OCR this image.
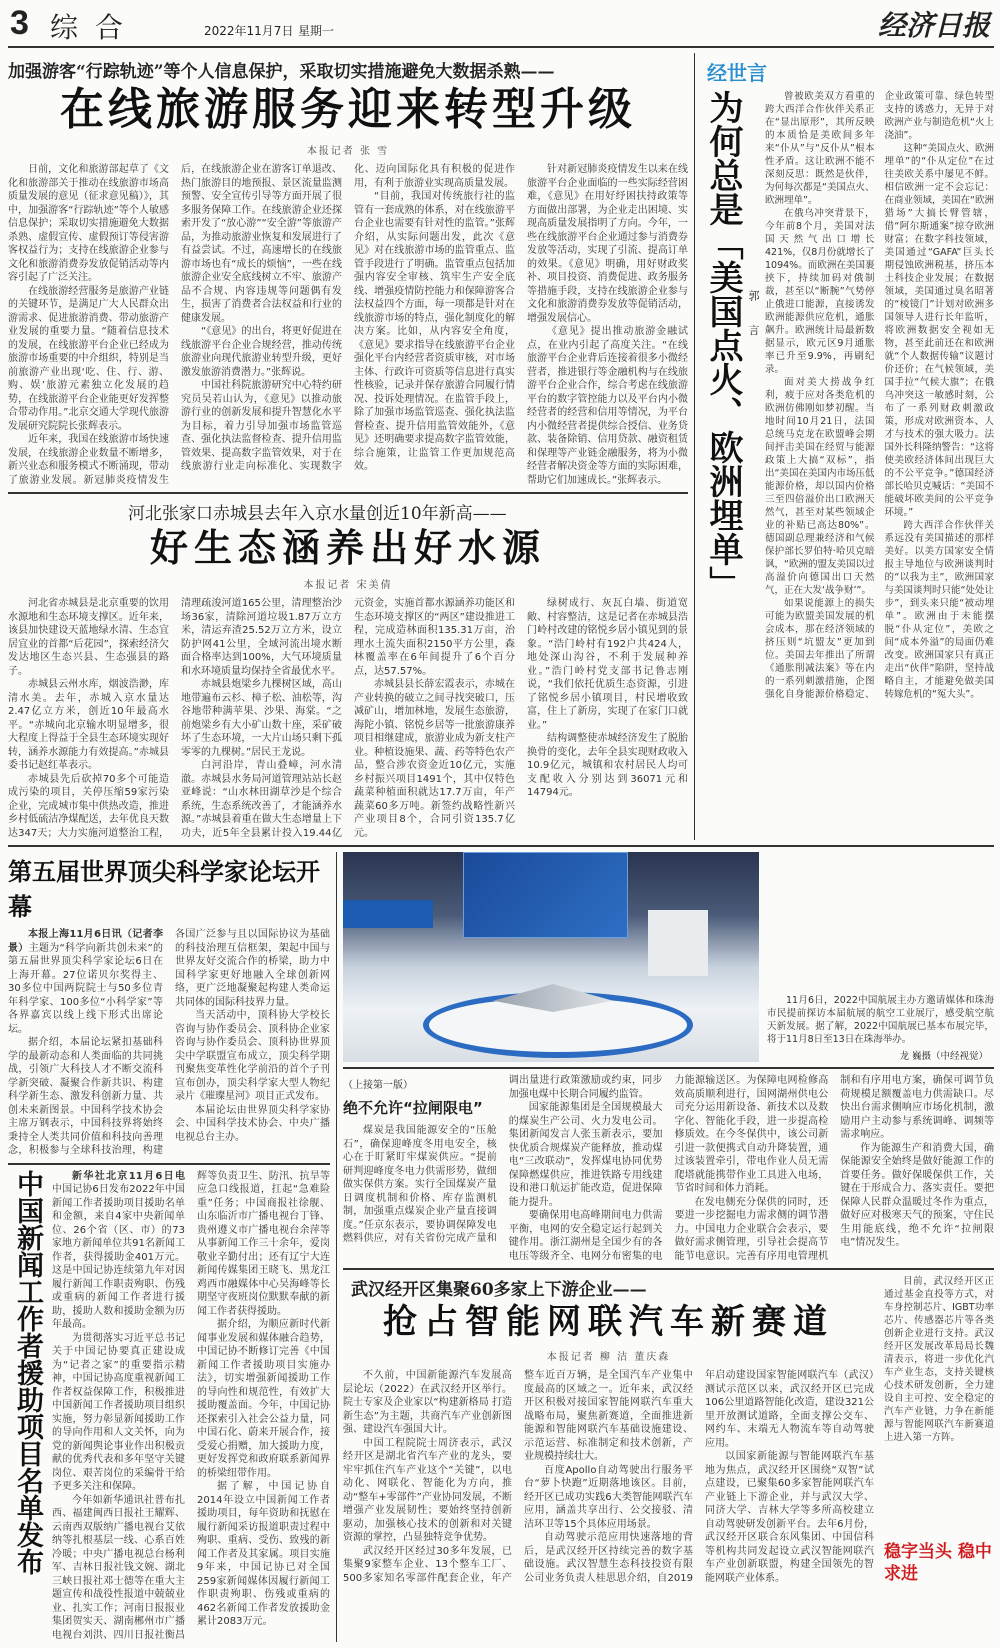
3 综 合	2022年11月7日 星期一	经济日报
加强游客“行踪轨迹”等个人信息保护，采取切实措施避免大数据杀熟——
在线旅游服务迎来转型升级
本报记者 张 雪

日前，文化和旅游部起草了《文化和旅游部关于推动在线旅游市场高质量发展的意见（征求意见稿）》，其中，加强游客“行踪轨迹”等个人敏感信息保护；采取切实措施避免大数据杀熟、虚假宣传、虚假预订等侵害游客权益行为；支持在线旅游企业参与文化和旅游消费券发放促销活动等内容引起了广泛关注。

在线旅游经营服务是旅游产业链的关键环节，是满足广大人民群众出游需求、促进旅游消费、带动旅游产业发展的重要力量。“随着信息技术的发展，在线旅游平台企业已经成为旅游市场重要的中介组织，特别是当前旅游产业出现‘吃、住、行、游、购、娱’旅游元素独立化发展的趋势，在线旅游平台企业能更好发挥整合带动作用。”北京交通大学现代旅游发展研究院院长张辉表示。

近年来，我国在线旅游市场快速发展，在线旅游企业数量不断增多，新兴业态和服务模式不断涌现，带动了旅游业发展。新冠肺炎疫情发生后，在线旅游企业在游客订单退改、热门旅游目的地预报、景区流量监测预警、安全宣传引导等方面开展了很多服务保障工作。在线旅游企业还探索开发了“放心游”“安全游”等旅游产品，为推动旅游业恢复和发展进行了有益尝试。不过，高速增长的在线旅游市场也有“成长的烦恼”，一些在线旅游企业安全底线树立不牢、旅游产品不合规、内容违规等问题偶有发生，损害了消费者合法权益和行业的健康发展。

“《意见》的出台，将更好促进在线旅游平台企业合规经营，推动传统旅游业向现代旅游业转型升级，更好激发旅游消费潜力。”张辉说。

中国社科院旅游研究中心特约研究员吴若山认为，《意见》以推动旅游行业的创新发展和提升智慧化水平为目标，着力引导加强市场监管巡查、强化执法监督检查、提升信用监管效果、提高数字监管效果，对于在线旅游行业走向标准化、实现数字化、迈向国际化具有积极的促进作用，有利于旅游业实现高质量发展。

“目前，我国对传统旅行社的监管有一套成熟的体系，对在线旅游平台企业也需要有针对性的监管。”张辉介绍，从实际问题出发，此次《意见》对在线旅游市场的监管重点、监管手段进行了明确。监管重点包括加强内容安全审核、筑牢生产安全底线、增强疫情防控能力和保障游客合法权益四个方面，每一项都是针对在线旅游市场的特点，强化制度化的解决方案。比如，从内容安全角度，《意见》要求指导在线旅游平台企业强化平台内经营者资质审核，对市场主体、行政许可资质等信息进行真实性核验，记录并保存旅游合同履行情况、投诉处理情况。在监管手段上，除了加强市场监管巡查、强化执法监督检查、提升信用监管效能外，《意见》还明确要求提高数字监管效能，综合施策，让监管工作更加规范高效。

针对新冠肺炎疫情发生以来在线旅游平台企业面临的一些实际经营困难，《意见》在用好纾困扶持政策等方面做出部署，为企业走出困境、实现高质量发展指明了方向。今年，一些在线旅游平台企业通过参与消费券发放等活动，实现了引流、提高订单的效果。《意见》明确，用好财政奖补、项目投资、消费促进、政务服务等措施手段，支持在线旅游企业参与文化和旅游消费券发放等促销活动，增强发展信心。

《意见》提出推动旅游金融试点，在业内引起了高度关注。“在线旅游平台企业背后连接着很多小微经营者，推进银行等金融机构与在线旅游平台企业合作，综合考虑在线旅游平台的数字管控能力以及平台内小微经营者的经营和信用等情况，为平台内小微经营者提供综合授信、业务贷款、装备除销、信用贷款、融资租赁和保理等产业链金融服务，将为小微经营者解决资金等方面的实际困难，帮助它们加速成长。”张辉表示。

河北张家口赤城县去年入京水量创近10年新高——
好生态涵养出好水源
本报记者 宋美倩

河北省赤城县是北京重要的饮用水源地和生态环境支撑区。近年来，该县加快建设天蓝地绿水清、生态宜居宜业的首都“后花园”，探索经济欠发达地区生态兴县、生态强县的路子。

赤城县云州水库，烟波浩渺，库清水美。去年，赤城入京水量达2.47亿立方米，创近10年最高水平。“赤城向北京输水明显增多，很大程度上得益于全县生态环境实现好转，涵养水源能力有效提高。”赤城县委书记赵红革表示。

赤城县先后砍掉70多个可能造成污染的项目，关停压缩59家污染企业，完成城市集中供热改造，推进乡村低硫洁净煤配送，去年优良天数达347天；大力实施河道整治工程，清理疏浚河道165公里，清理整治沙场36家，清除河道垃圾1.87万立方米，清运弃渣25.52万立方米，设立防护网41公里，全域河流出境水断面合格率达到100%，大气环境质量和水环境质量均保持全省最优水平。

赤城县炮梁乡九棵树区域，高山地带遍布云杉、樟子松、油松等，沟谷地带种满苹果、沙果、海棠。“之前炮梁乡有大小矿山数十座，采矿破坏了生态环境，一大片山场只剩下孤零零的九棵树。”居民王龙说。

白河沿岸，青山叠嶂，河水清澈。赤城县水务局河道管理站站长赵亚峰说：“山水林田湖草沙是个综合系统，生态系统改善了，才能涵养水源。”赤城县着重在做大生态增量上下功夫，近5年全县累计投入19.44亿元资金，实施首都水源涵养功能区和生态环境支撑区的“两区”建设推进工程，完成造林面积135.31万亩，治理水土流失面积2150平方公里，森林覆盖率在6年间提升了6个百分点，达57.57%。

赤城县县长薛宏霞表示，赤城在产业转换的破立之间寻找突破口，压减矿山，增加林地，发展生态旅游，海陀小镇、铭悦乡居等一批旅游康养项目相继建成，旅游业成为新支柱产业。种植设施果、蔬、药等特色农产品，整合涉农资金近10亿元，实施乡村振兴项目1491个，其中仅特色蔬菜种植面积就达17.7万亩，年产蔬菜60多万吨。新签约战略性新兴产业项目8个，合同引资135.7亿元。

绿树成行、灰瓦白墙、街道宽敞、村容整洁，这是记者在赤城县浩门岭村改建的铭悦乡居小镇见到的景象。“浩门岭村有192户共424人，地处深山沟谷，不利于发展种养业。”浩门岭村党支部书记鲁志刚说，“我们依托优质生态资源，引进了铭悦乡居小镇项目，村民增收致富，住上了新房，实现了在家门口就业。”

结构调整使赤城经济发生了脱胎换骨的变化，去年全县实现财政收入10.9亿元，城镇和农村居民人均可支配收入分别达到36071元和14794元。

经世言
为何总是「美国点火、欧洲埋单」 郭 言

曾被欧美双方看重的跨大西洋合作伙伴关系正在“显出原形”，其所反映的本质恰是美欧间多年来“仆从”与“反仆从”根本性矛盾。这让欧洲不能不深刻反思：既然是伙伴，为何每次都是“美国点火、欧洲埋单”。

在俄乌冲突背景下，今年前8个月，美国对法国天然气出口增长421%，仅8月份就增长了1094%。而欧洲在美国裹挟下，持续加码对俄制裁，甚至以“断腕”气势停止俄进口能源，直接诱发欧洲能源供应危机，通胀飙升。欧洲统计局最新数据显示，欧元区9月通胀率已升至9.9%，再刷纪录。

面对美大捞战争红利，疲于应对各类危机的欧洲仿佛刚如梦初醒。当地时间10月21日，法国总统马克龙在欧盟峰会期间抨击美国在经贸与能源政策上大搞“双标”，指出“美国在美国内市场压低能源价格，却以国内价格三至四倍溢价出口欧洲天然气，甚至对某些领域企业的补贴已高达80%”。德国副总理兼经济和气候保护部长罗伯特·哈贝克暗讽，“欧洲的盟友美国以过高溢价向德国出口天然气，正在大发‘战争财’”。

如果说能源上的损失可能为欧盟美国发展的机会成本，那在经济领域的挤压则“坑盟友”更加到位。美国去年推出了所谓《通胀削减法案》等在内的一系列刺激措施，企图强化自身能源价格稳定、企业政策可靠、绿色转型支持的诱惑力，无异于对欧洲产业与制造危机“火上浇油”。

这种“美国点火、欧洲埋单”的“仆从定位”在过往美欧关系中屡见不鲜。相信欧洲一定不会忘记：在商业领域，美国在“欧洲猎场”大搞长臂管辖，借“阿尔斯通案”掠夺欧洲财富；在数字科技领域，美国通过“GAFA”巨头长期侵蚀欧洲税基，挤压本土科技企业发展；在数据领域，美国通过臭名昭著的“棱镜门”计划对欧洲多国领导人进行长年监听，将欧洲数据安全视如无物，甚至此前还在和欧洲就“个人数据传输”议题讨价还价；在气候领域，美国手拉“气候大旗”；在俄乌冲突这一敏感时刻，公布了一系列财政刺激政策，形成对欧洲资本、人才与技术的强大吸力。法国外长科隆纳警告：“这将使美欧经济体间出现巨大的不公平竞争。”德国经济部长哈贝克喊话：“美国不能破坏欧美间的公平竞争环境。”

跨大西洋合作伙伴关系远没有美国描述的那样美好。以美方国家安全情报主导地位与欧洲谈判时的“以我为主”，欧洲国家与美国谈判时只能“处处让步”，到头来只能“被动埋单”。欧洲由于未能摆脱“仆从定位”，美欧之间“成本外溢”的局面仍难改变。欧洲国家只有真正走出“伙伴”陷阱，坚持战略自主，才能避免做美国转嫁危机的“冤大头”。

第五届世界顶尖科学家论坛开幕

本报上海11月6日讯（记者李景）主题为“科学向新共创未来”的第五届世界顶尖科学家论坛6日在上海开幕。27位诺贝尔奖得主、30多位中国两院院士与50多位青年科学家、100多位“小科学家”等各界嘉宾以线上线下形式出席论坛。

据介绍，本届论坛紧扣基础科学的最新动态和人类面临的共同挑战，引领广大科技人才不断交流科学新突破、凝聚合作新共识、构建科学新生态、激发科创新力量、共创未来新图景。中国科学技术协会主席万钢表示，中国科技界将始终秉持全人类共同价值和科技向善理念，积极参与全球科技治理，构建各国广泛参与且以国际协议为基础的科技治理互信框架，架起中国与世界友好交流合作的桥梁，助力中国科学家更好地融入全球创新网络，更广泛地凝聚起构建人类命运共同体的国际科技界力量。

当天活动中，顶科协大学校长咨询与协作委员会、顶科协企业家咨询与协作委员会、顶科协世界顶尖中学联盟宣布成立，顶尖科学期刊聚焦变革性化学前沿的首个子刊宣布创办，顶尖科学家大型人物纪录片《璀璨星河》项目正式发布。

本届论坛由世界顶尖科学家协会、中国科学技术协会、中央广播电视总台主办。

中国新闻工作者援助项目名单发布	新华社北京11月6日电 中国记协6日发布2022年中国新闻工作者援助项目援助名单和金额，来自4家中央新闻单位、26个省（区、市）的73家地方新闻单位共91名新闻工作者，获得援助金401万元。这是中国记协连续第九年对因履行新闻工作职责殉职、伤残或重病的新闻工作者进行援助，援助人数和援助金额为历年最高。

为贯彻落实习近平总书记关于中国记协要真正建设成为“记者之家”的重要指示精神，中国记协高度重视新闻工作者权益保障工作，积极推进中国新闻工作者援助项目组织实施，努力彰显新闻援助工作的导向作用和人文关怀，向为党的新闻舆论事业作出积极贡献的优秀代表和多年坚守关键岗位、艰苦岗位的采编骨干给予更多关注和保障。

今年如新华通讯社普布扎西、福建闽西日报社王耀辉、云南西双版纳广播电视台艾依纳等扎根基层一线、心系百姓冷暖；中央广播电视总台杨利军、吉林日报社钱文婉、湖北三峡日报社邓士德等在重大主题宣传和战役性报道中兢兢业业、扎实工作；河南日报报业集团贺实天、湖南郴州市广播电视台刘洪、四川日报社衡昌辉等负责卫生、防汛、抗旱等应急口线报道，扛起“急难险重”任务；中国商报社徐舰、山东临沂市广播电视台丁锋、贵州遵义市广播电视台余萍等从事新闻工作三十余年，爱岗敬业辛勤付出；还有辽宁大连新闻传媒集团王晓飞、黑龙江鸡西市融媒体中心吴海峰等长期坚守夜班岗位默默奉献的新闻工作者获得援助。

据介绍，为顺应新时代新闻事业发展和媒体融合趋势，中国记协不断修订完善《中国新闻工作者援助项目实施办法》，切实增强新闻援助工作的导向性和规范性，有效扩大援助覆盖面。今年，中国记协还探索引入社会公益力量，同中国石化、蔚来开展合作，接受爱心捐赠，加大援助力度，更好发挥党和政府联系新闻界的桥梁纽带作用。

据了解，中国记协自2014年设立中国新闻工作者援助项目，每年资助和抚慰在履行新闻采访报道职责过程中殉职、重病、受伤、致残的新闻工作者及其家属。项目实施9年来，中国记协已对全国259家新闻媒体因履行新闻工作职责殉职、伤残或重病的462名新闻工作者发放援助金累计2083万元。

11月6日，2022中国航展主办方邀请媒体和珠海市民提前探访本届航展的航空工业展厅，感受航空航天新发展。据了解，2022中国航展已基本布展完毕，将于11月8日至13日在珠海举办。

龙 巍摄（中经视觉）
（上接第一版）
绝不允许“拉闸限电”

煤炭是我国能源安全的“压舱石”，确保迎峰度冬用电安全，核心在于盯紧盯牢煤炭供应。“提前研判迎峰度冬电力供需形势，做细做实保供方案。实行全国煤炭产量日调度机制和价格、库存监测机制，加强重点煤炭企业产量直接调度。”任京东表示，要协调保障发电燃料供应，对有关省份完成产量和调出量进行政策激励或约束，同步加强电煤中长期合同履约监管。

国家能源集团是全国规模最大的煤炭生产公司、火力发电公司。集团新闻发言人张玉新表示，要加快优质合规煤炭产能释放，推动煤电“三改联动”，发挥煤电协同优势保障燃煤供应，推进铁路专用线建设和港口航运扩能改造，促进保障能力提升。

要确保用电高峰期间电力供需平衡，电网的安全稳定运行起到关键作用。浙江湖州是全国少有的各电压等级齐全、电网分布密集的电力能源输送区。为保障电网检修高效高质顺利进行，国网湖州供电公司充分运用新设备、新技术以及数字化、智能化手段，进一步提高检修质效。在今冬保供中，该公司新引进一款便携式自动升降装置，通过该装置牵引，带电作业人员无需爬塔就能携带作业工具进入电场，节省时间和体力消耗。

在发电侧充分保供的同时，还要进一步挖掘电力需求侧的调节潜力。中国电力企业联合会表示，要做好需求侧管理，引导社会提高节能节电意识。完善有序用电管理机制和有序用电方案，确保可调节负荷规模足额覆盖电力供需缺口。尽快出台需求侧响应市场化机制，激励用户主动参与系统调峰、调频等需求响应。

作为能源生产和消费大国，确保能源安全始终是做好能源工作的首要任务。做好保暖保供工作，关键在于形成合力、落实责任。要把保障人民群众温暖过冬作为重点，做好应对极寒天气的预案，守住民生用能底线，绝不允许“拉闸限电”情况发生。

武汉经开区集聚60多家上下游企业——
抢占智能网联汽车新赛道
本报记者 柳 洁 董庆森

不久前，中国新能源汽车发展高层论坛（2022）在武汉经开区举行。院士专家及企业家以“构建新格局 打造新生态”为主题，共商汽车产业创新图强、建设汽车强国大计。

中国工程院院士周济表示，武汉经开区是湖北省汽车产业的龙头，要牢牢抓住汽车产业这个“关键”，以电动化、网联化、智能化为方向，推动“整车+零部件”产业协同发展，不断增强产业发展韧性；要始终坚持创新驱动，加强核心技术的创新和对关键资源的掌控，凸显独特竞争优势。

武汉经开区经过30多年发展，已集聚9家整车企业、13个整车工厂、500多家知名零部件配套企业，年产整车近百万辆，是全国汽车产业集中度最高的区域之一。近年来，武汉经开区积极对接国家智能网联汽车重大战略布局，聚焦新赛道，全面推进新能源和智能网联汽车基础设施建设、示范运营、标准制定和技术创新，产业规模持续壮大。

百度Apollo自动驾驶出行服务平台“萝卜快跑”近期落地该区。目前，经开区已成功实践6大类智能网联汽车应用，涵盖共享出行、公交接驳、清洁环卫等15个具体应用场景。

自动驾驶示范应用快速落地的背后，是武汉经开区持续完善的数字基础设施。武汉智慧生态科技投资有限公司业务负责人桂思思介绍，自2019年启动建设国家智能网联汽车（武汉）测试示范区以来，武汉经开区已完成106公里道路智能化改造，建设321公里开放测试道路，全面支撑公交车、网约车、末端无人物流车等自动驾驶应用。

以国家新能源与智能网联汽车基地为焦点，武汉经开区围绕“双智”试点建设，已聚集60多家智能网联汽车产业链上下游企业，并与武汉大学、同济大学、吉林大学等多所高校建立自动驾驶研发创新平台。去年6月份，武汉经开区联合东风集团、中国信科等机构共同发起设立武汉智能网联汽车产业创新联盟，构建全国领先的智能网联产业体系。

目前，武汉经开区正通过基金直投等方式，对车身控制芯片、IGBT功率芯片、传感器芯片等各类创新企业进行支持。武汉经开区发展改革局局长魏清表示，将进一步优化汽车产业生态，支持关键核心技术研发创新，全力建设自主可控、安全稳定的汽车产业链，力争在新能源与智能网联汽车新赛道上进入第一方阵。

稳字当头 稳中求进
